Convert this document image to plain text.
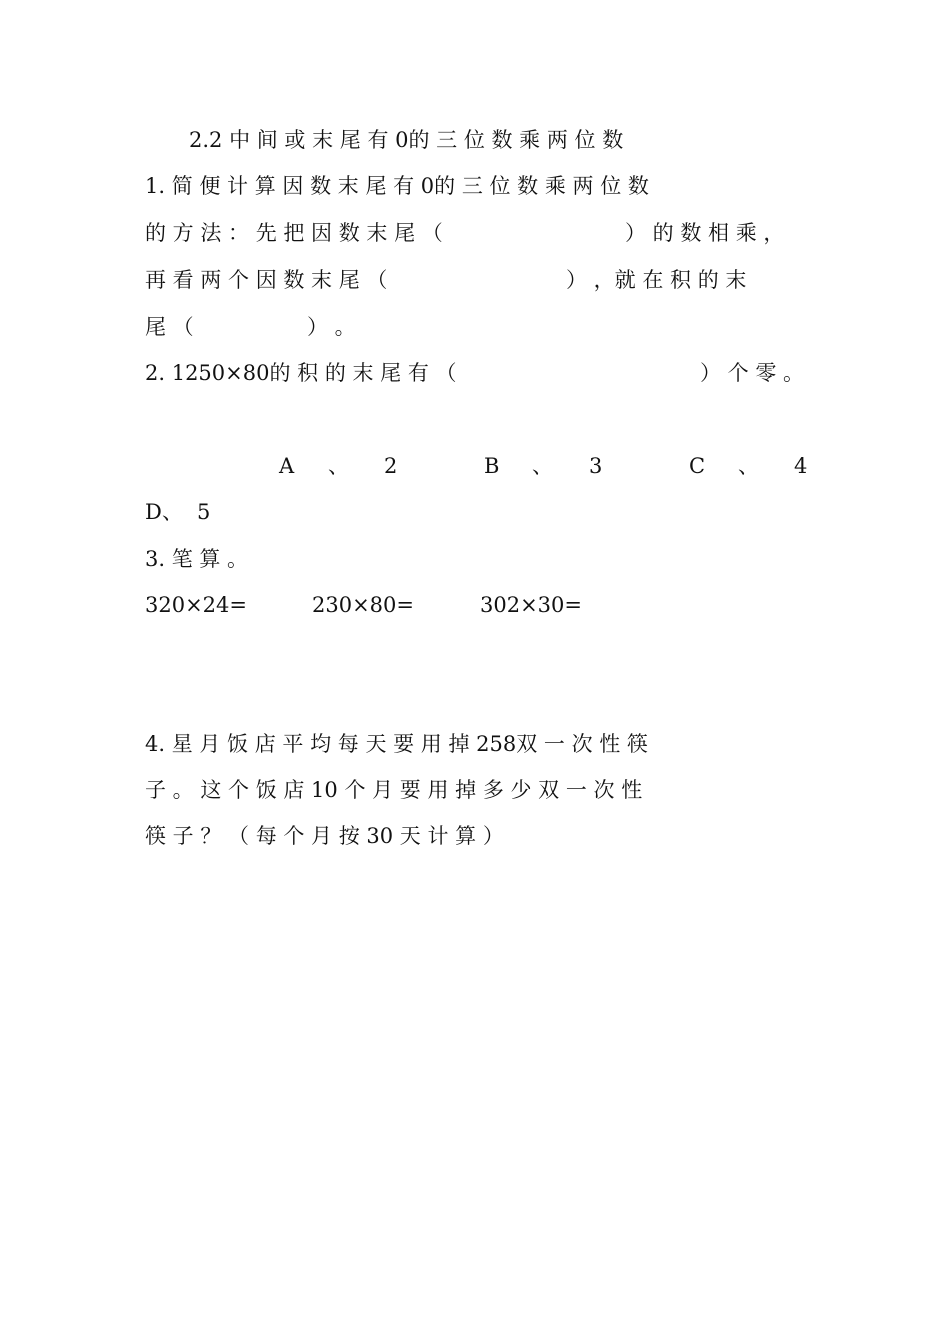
2.2 中 间 或 末 尾 有 0的 三 位 数 乘 两 位 数
1. 简 便 计 算 因 数 末 尾 有 0的 三 位 数 乘 两 位 数
的 方 法 ： 先 把 因 数 末 尾 （	） 的 数 相 乘 ，
再 看 两 个 因 数 末 尾 （	） ，就 在 积 的 末
尾 （	） 。
2. 1250×80的 积 的 末 尾 有 （	） 个 零 。
A 、 2	B 、 3	C 、 4
D 、 5
3. 笔 算 。
320×24=	230×80=	302×30=
4. 星 月 饭 店 平 均 每 天 要 用 掉 258双 一 次 性 筷
子 。 这 个 饭 店 10 个 月 要 用 掉 多 少 双 一 次 性
筷 子 ？ （ 每 个 月 按 30 天 计 算 ）
